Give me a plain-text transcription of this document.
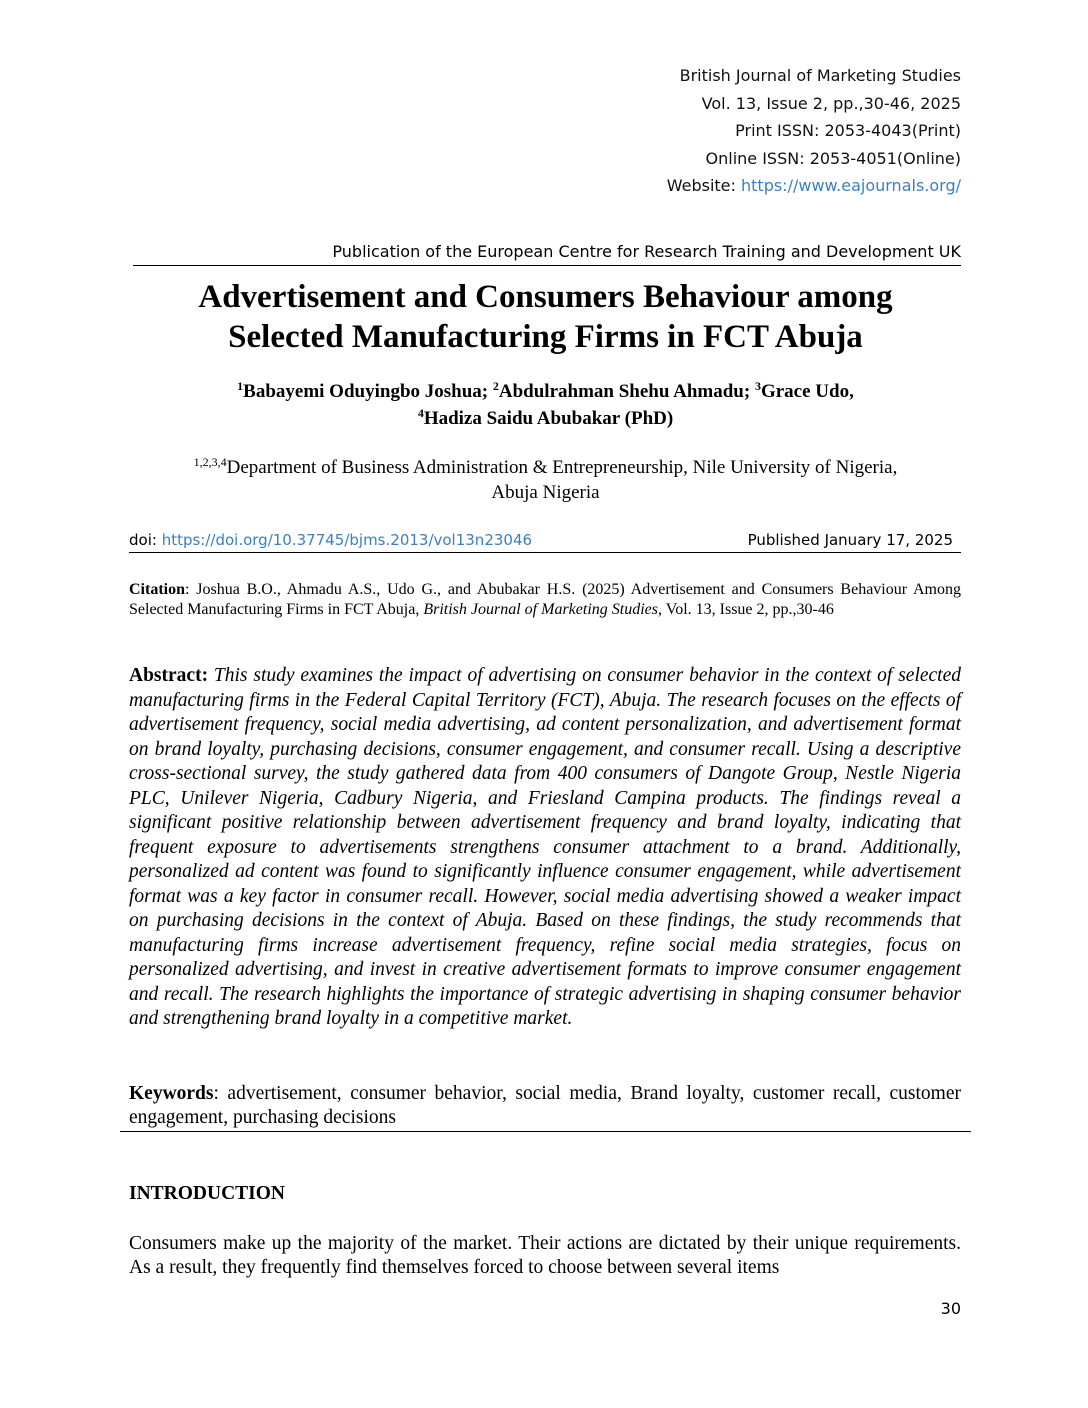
British Journal of Marketing Studies
Vol. 13, Issue 2, pp.,30-46, 2025
Print ISSN: 2053-4043(Print)
Online ISSN: 2053-4051(Online)
Website: https://www.eajournals.org/
Publication of the European Centre for Research Training and Development UK
Advertisement and Consumers Behaviour among
Selected Manufacturing Firms in FCT Abuja
$^1$Babayemi Oduyingbo Joshua; $^2$Abdulrahman Shehu Ahmadu; $^3$Grace Udo,
$^4$Hadiza Saidu Abubakar (PhD)
$^{1,2,3,4}$Department of Business Administration & Entrepreneurship, Nile University of Nigeria,
Abuja Nigeria
doi: https://doi.org/10.37745/bjms.2013/vol13n23046	Published January 17, 2025
Citation: Joshua B.O., Ahmadu A.S., Udo G., and Abubakar H.S. (2025) Advertisement and Consumers Behaviour Among Selected Manufacturing Firms in FCT Abuja, British Journal of Marketing Studies, Vol. 13, Issue 2, pp.,30-46
Abstract: This study examines the impact of advertising on consumer behavior in the context of selected manufacturing firms in the Federal Capital Territory (FCT), Abuja. The research focuses on the effects of advertisement frequency, social media advertising, ad content personalization, and advertisement format on brand loyalty, purchasing decisions, consumer engagement, and consumer recall. Using a descriptive cross-sectional survey, the study gathered data from 400 consumers of Dangote Group, Nestle Nigeria PLC, Unilever Nigeria, Cadbury Nigeria, and Friesland Campina products. The findings reveal a significant positive relationship between advertisement frequency and brand loyalty, indicating that frequent exposure to advertisements strengthens consumer attachment to a brand. Additionally, personalized ad content was found to significantly influence consumer engagement, while advertisement format was a key factor in consumer recall. However, social media advertising showed a weaker impact on purchasing decisions in the context of Abuja. Based on these findings, the study recommends that manufacturing firms increase advertisement frequency, refine social media strategies, focus on personalized advertising, and invest in creative advertisement formats to improve consumer engagement and recall. The research highlights the importance of strategic advertising in shaping consumer behavior and strengthening brand loyalty in a competitive market.
Keywords: advertisement, consumer behavior, social media, Brand loyalty, customer recall, customer engagement, purchasing decisions
INTRODUCTION
Consumers make up the majority of the market. Their actions are dictated by their unique requirements. As a result, they frequently find themselves forced to choose between several items
30
